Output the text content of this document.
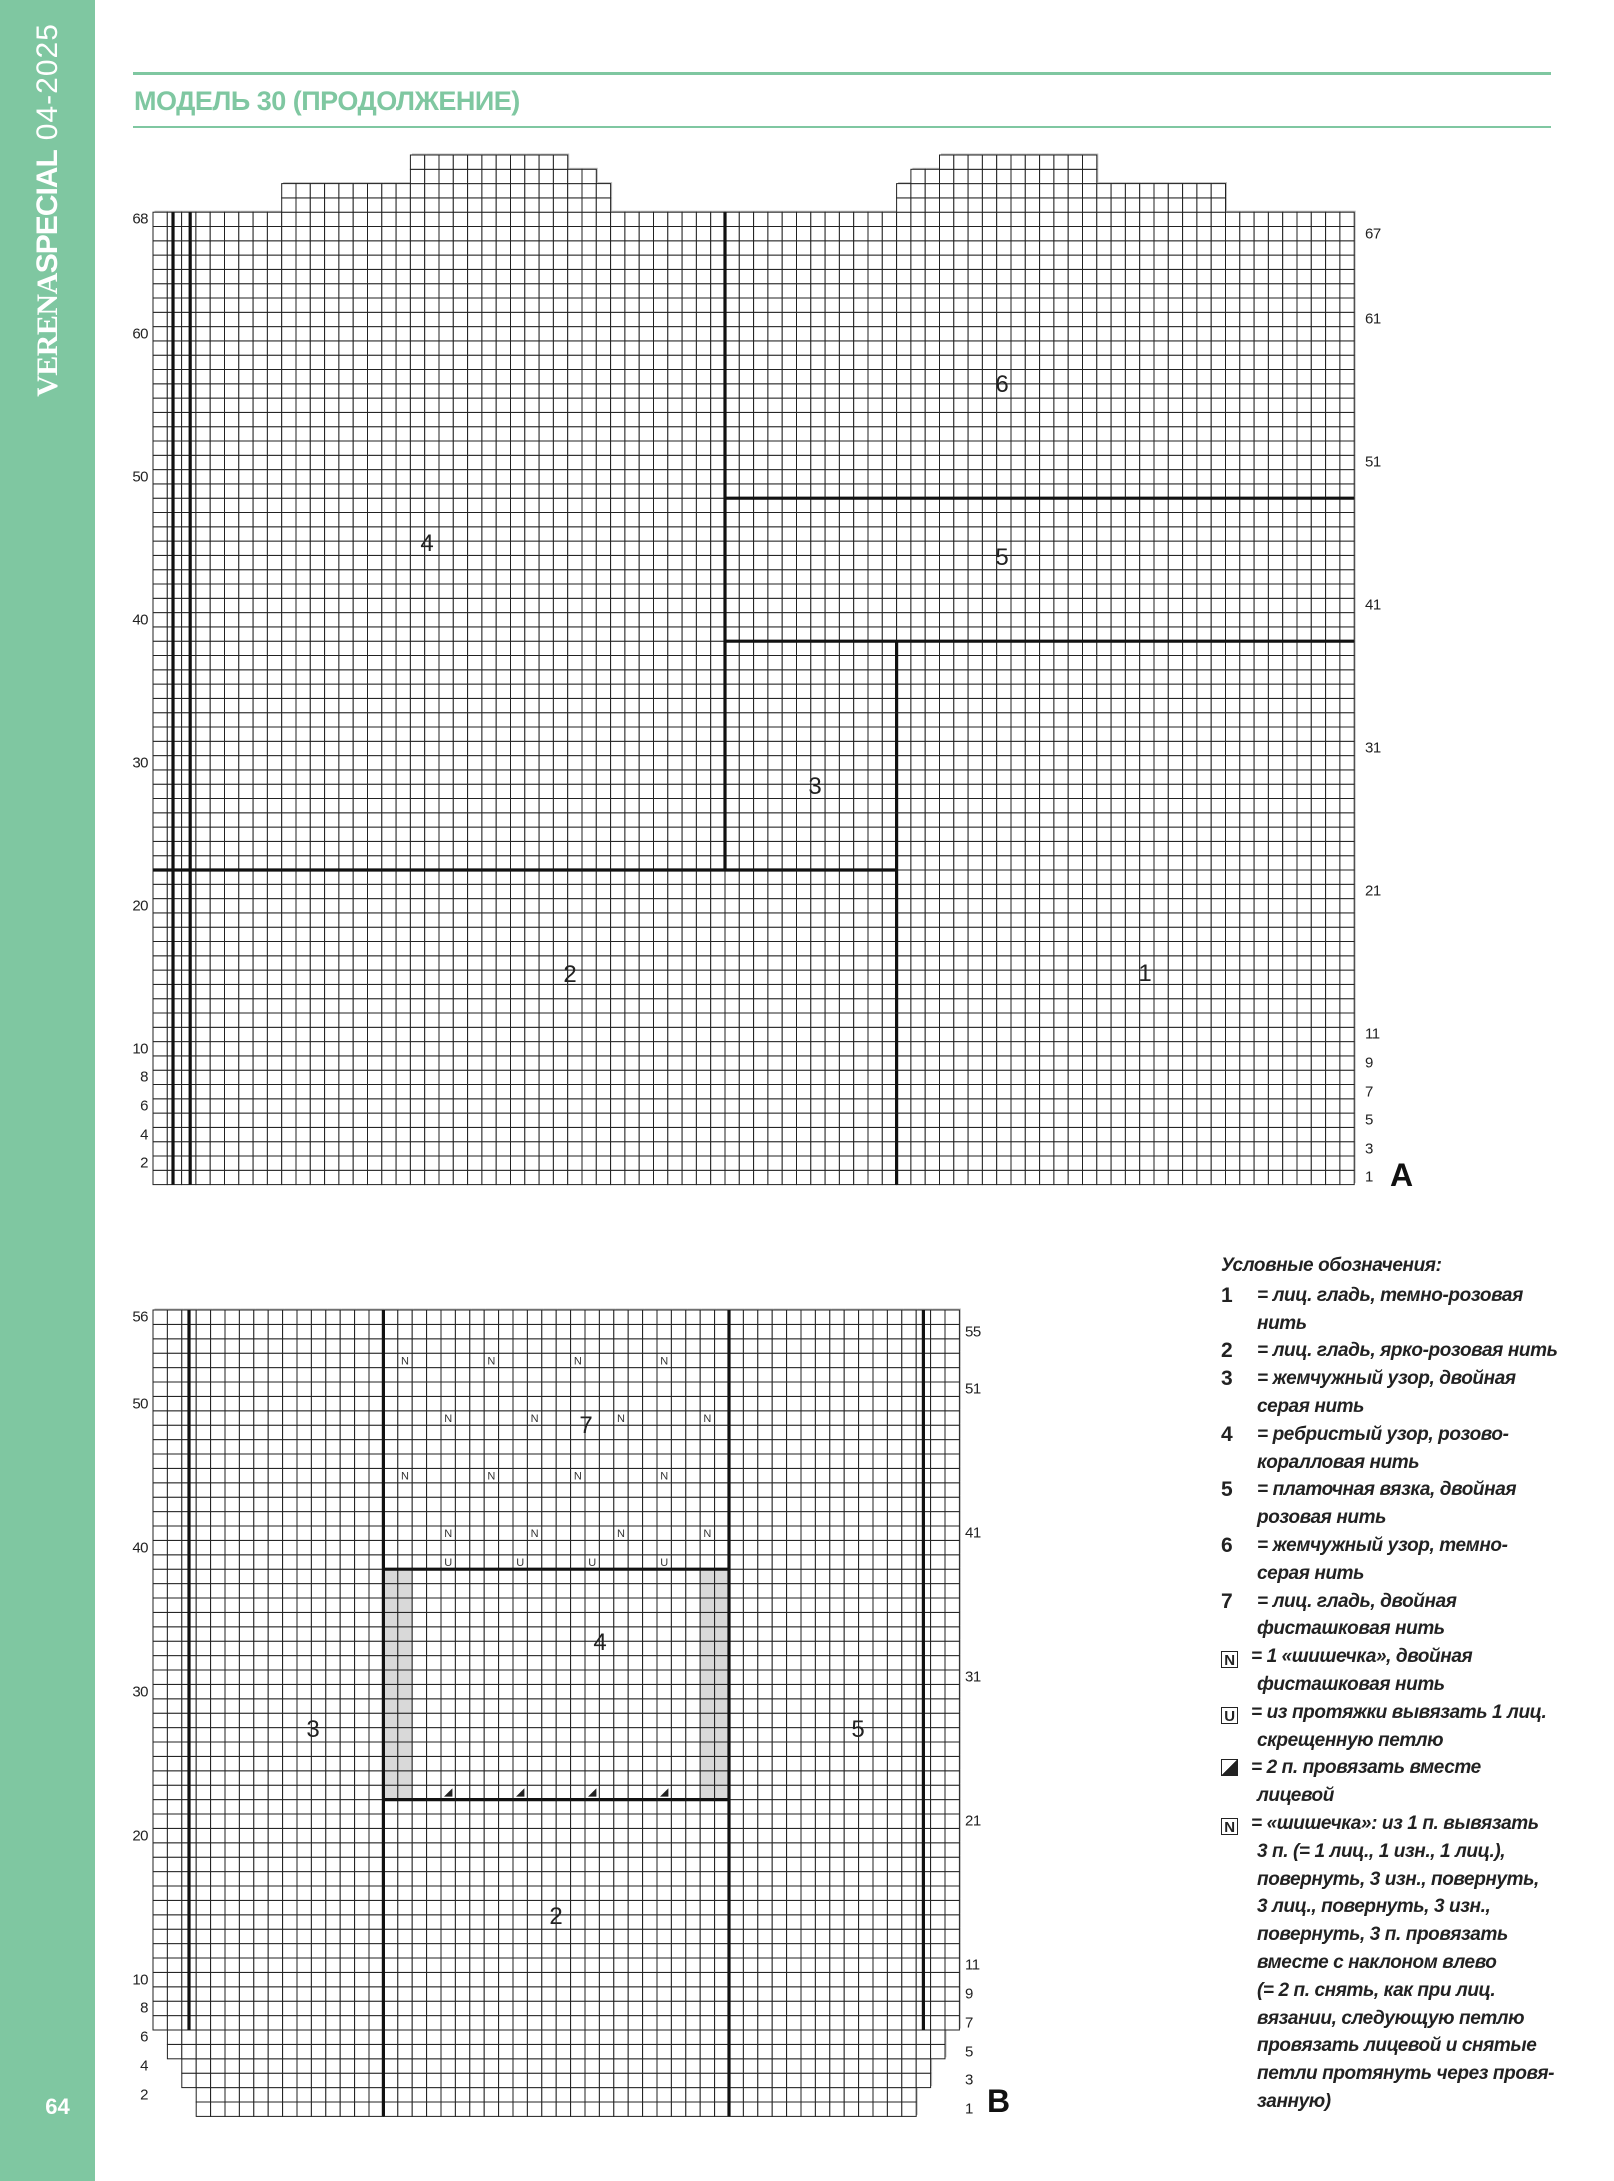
VERENASPECIAL04-2025
64
МОДЕЛЬ 30 (ПРОДОЛЖЕНИЕ)
68
60
50
40
30
20
10
8
6
4
2
67
61
51
41
31
21
11
9
7
5
3
1
4
6
5
3
2	1
A
N	N	N	N
N	N	N	N
N	N	N	N
N	N	N	N
U	U	U	U
56
50
40
30
20
10
8
6
4
2
55
51
41
31
21
11
9
7
5
3
1
7
4
3	5
2
B
Условные обозначения:
1 = лиц. гладь, темно-розовая
нить
2 = лиц. гладь, ярко-розовая нить
3 = жемчужный узор, двойная
серая нить
4 = ребристый узор, розово-
коралловая нить
5 = платочная вязка, двойная
розовая нить
6 = жемчужный узор, темно-
серая нить
7 = лиц. гладь, двойная
фисташковая нить
N = 1 «шишечка», двойная
фисташковая нить
U = из протяжки вывязать 1 лиц.
скрещенную петлю
= 2 п. провязать вместе
лицевой
N = «шишечка»: из 1 п. вывязать
3 п. (= 1 лиц., 1 изн., 1 лиц.),
повернуть, 3 изн., повернуть,
3 лиц., повернуть, 3 изн.,
повернуть, 3 п. провязать
вместе с наклоном влево
(= 2 п. снять, как при лиц.
вязании, следующую петлю
провязать лицевой и снятые
петли протянуть через провя-
занную)
